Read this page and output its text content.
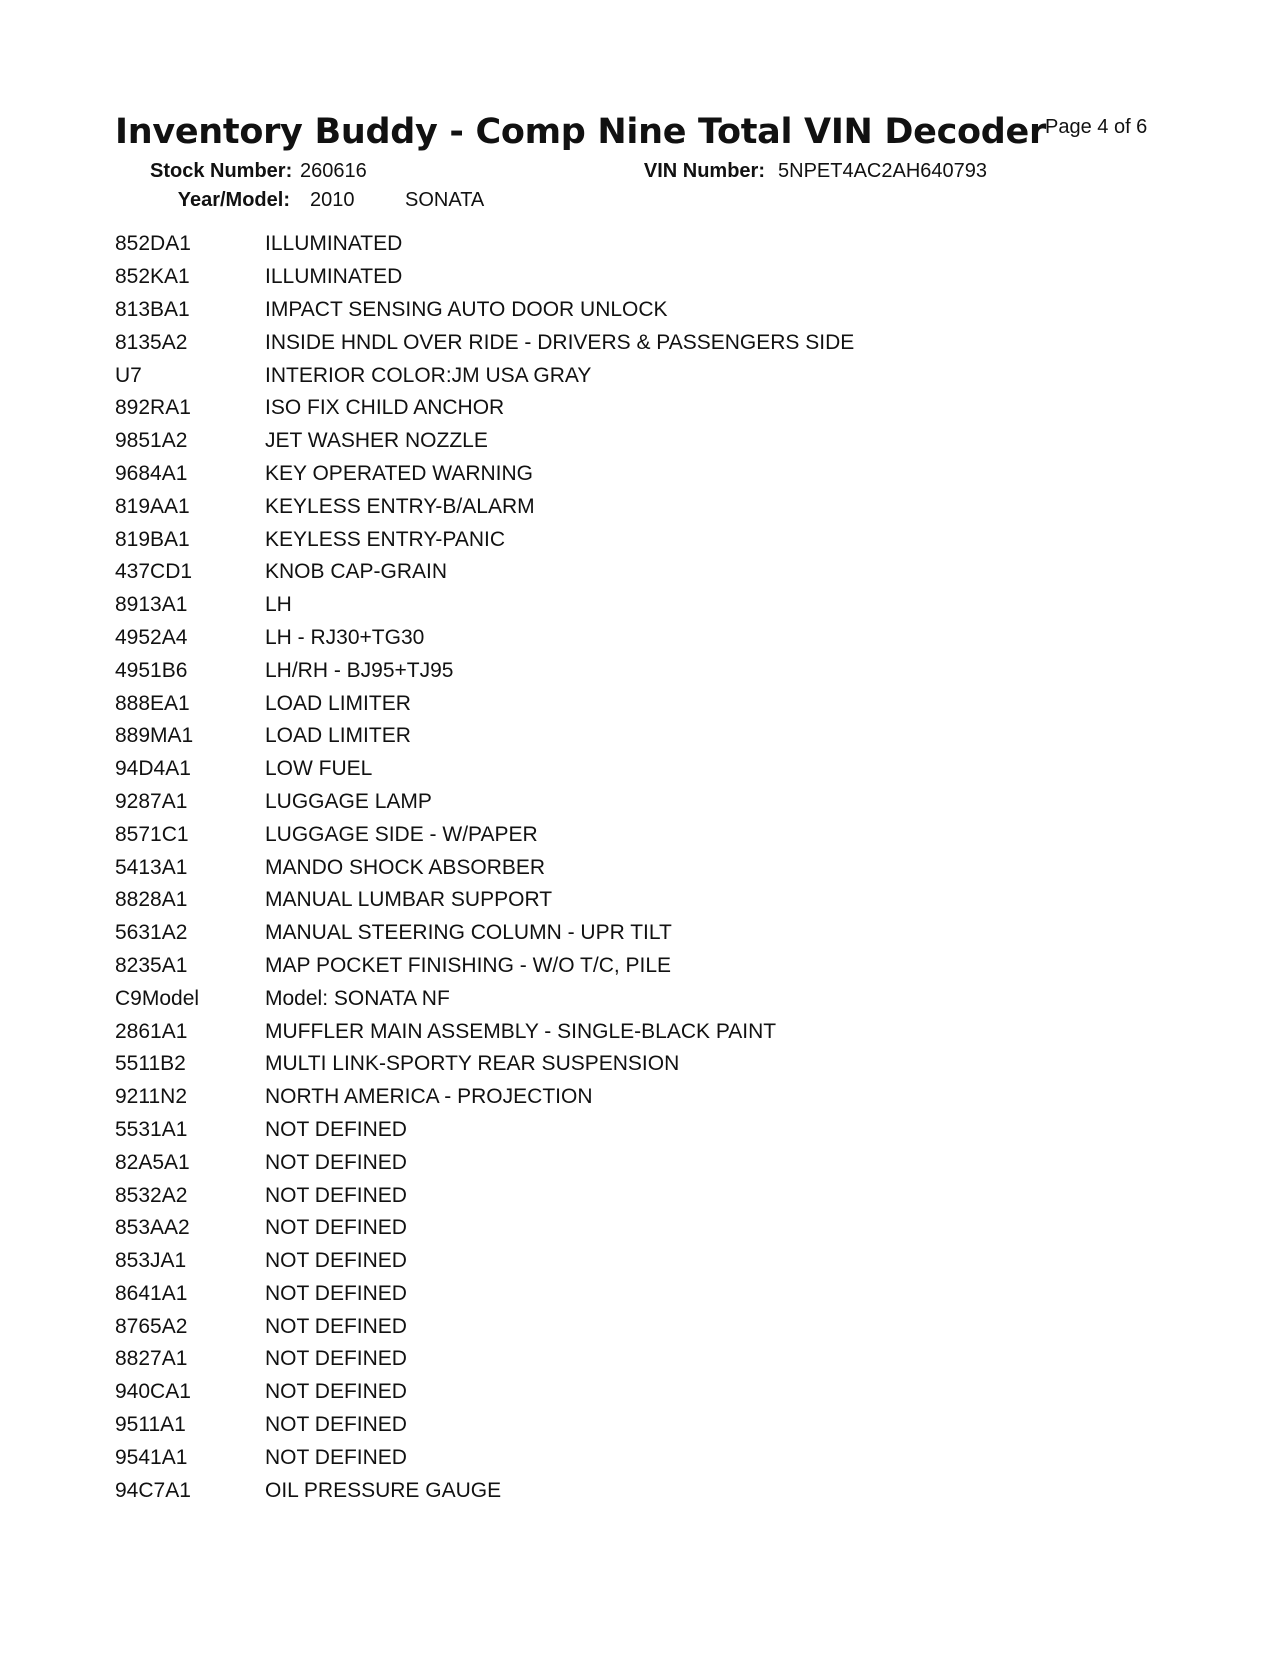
Inventory Buddy - Comp Nine Total VIN Decoder Page 4 of 6
Stock Number: 260616	VIN Number: 5NPET4AC2AH640793
Year/Model: 2010	SONATA
852DA1	ILLUMINATED
852KA1	ILLUMINATED
813BA1	IMPACT SENSING AUTO DOOR UNLOCK
8135A2	INSIDE HNDL OVER RIDE - DRIVERS & PASSENGERS SIDE
U7	INTERIOR COLOR:JM USA GRAY
892RA1	ISO FIX CHILD ANCHOR
9851A2	JET WASHER NOZZLE
9684A1	KEY OPERATED WARNING
819AA1	KEYLESS ENTRY-B/ALARM
819BA1	KEYLESS ENTRY-PANIC
437CD1	KNOB CAP-GRAIN
8913A1	LH
4952A4	LH - RJ30+TG30
4951B6	LH/RH - BJ95+TJ95
888EA1	LOAD LIMITER
889MA1	LOAD LIMITER
94D4A1	LOW FUEL
9287A1	LUGGAGE LAMP
8571C1	LUGGAGE SIDE - W/PAPER
5413A1	MANDO SHOCK ABSORBER
8828A1	MANUAL LUMBAR SUPPORT
5631A2	MANUAL STEERING COLUMN - UPR TILT
8235A1	MAP POCKET FINISHING - W/O T/C, PILE
C9Model	Model: SONATA NF
2861A1	MUFFLER MAIN ASSEMBLY - SINGLE-BLACK PAINT
5511B2	MULTI LINK-SPORTY REAR SUSPENSION
9211N2	NORTH AMERICA - PROJECTION
5531A1	NOT DEFINED
82A5A1	NOT DEFINED
8532A2	NOT DEFINED
853AA2	NOT DEFINED
853JA1	NOT DEFINED
8641A1	NOT DEFINED
8765A2	NOT DEFINED
8827A1	NOT DEFINED
940CA1	NOT DEFINED
9511A1	NOT DEFINED
9541A1	NOT DEFINED
94C7A1	OIL PRESSURE GAUGE
